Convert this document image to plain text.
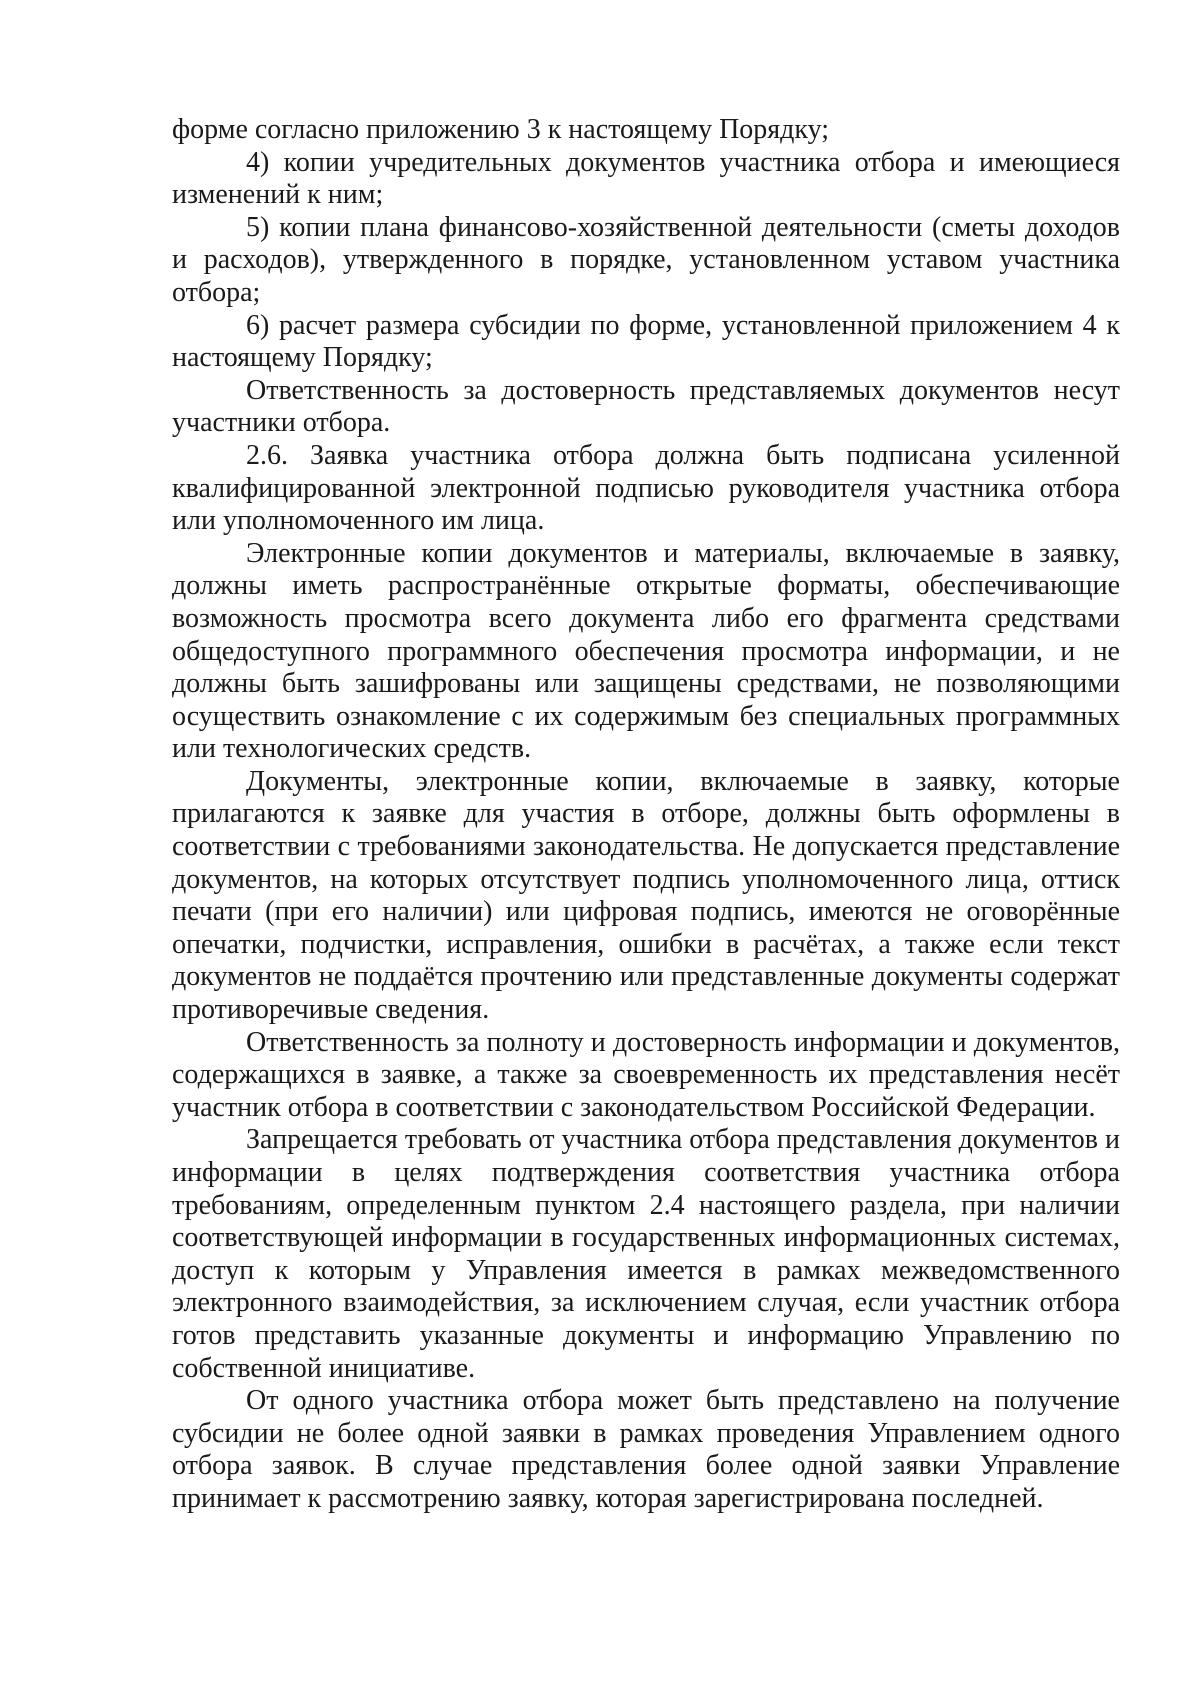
форме согласно приложению 3 к настоящему Порядку;

4) копии учредительных документов участника отбора и имеющиеся изменений к ним;

5) копии плана финансово-хозяйственной деятельности (сметы доходов и расходов), утвержденного в порядке, установленном уставом участника отбора;

6) расчет размера субсидии по форме, установленной приложением 4 к настоящему Порядку;

Ответственность за достоверность представляемых документов несут участники отбора.

2.6. Заявка участника отбора должна быть подписана усиленной квалифицированной электронной подписью руководителя участника отбора или уполномоченного им лица.

Электронные копии документов и материалы, включаемые в заявку, должны иметь распространённые открытые форматы, обеспечивающие возможность просмотра всего документа либо его фрагмента средствами общедоступного программного обеспечения просмотра информации, и не должны быть зашифрованы или защищены средствами, не позволяющими осуществить ознакомление с их содержимым без специальных программных или технологических средств.

Документы, электронные копии, включаемые в заявку, которые прилагаются к заявке для участия в отборе, должны быть оформлены в соответствии с требованиями законодательства. Не допускается представление документов, на которых отсутствует подпись уполномоченного лица, оттиск печати (при его наличии) или цифровая подпись, имеются не оговорённые опечатки, подчистки, исправления, ошибки в расчётах, а также если текст документов не поддаётся прочтению или представленные документы содержат противоречивые сведения.

Ответственность за полноту и достоверность информации и документов, содержащихся в заявке, а также за своевременность их представления несёт участник отбора в соответствии с законодательством Российской Федерации.

Запрещается требовать от участника отбора представления документов и информации в целях подтверждения соответствия участника отбора требованиям, определенным пунктом 2.4 настоящего раздела, при наличии соответствующей информации в государственных информационных системах, доступ к которым у Управления имеется в рамках межведомственного электронного взаимодействия, за исключением случая, если участник отбора готов представить указанные документы и информацию Управлению по собственной инициативе.

От одного участника отбора может быть представлено на получение субсидии не более одной заявки в рамках проведения Управлением одного отбора заявок. В случае представления более одной заявки Управление принимает к рассмотрению заявку, которая зарегистрирована последней.
